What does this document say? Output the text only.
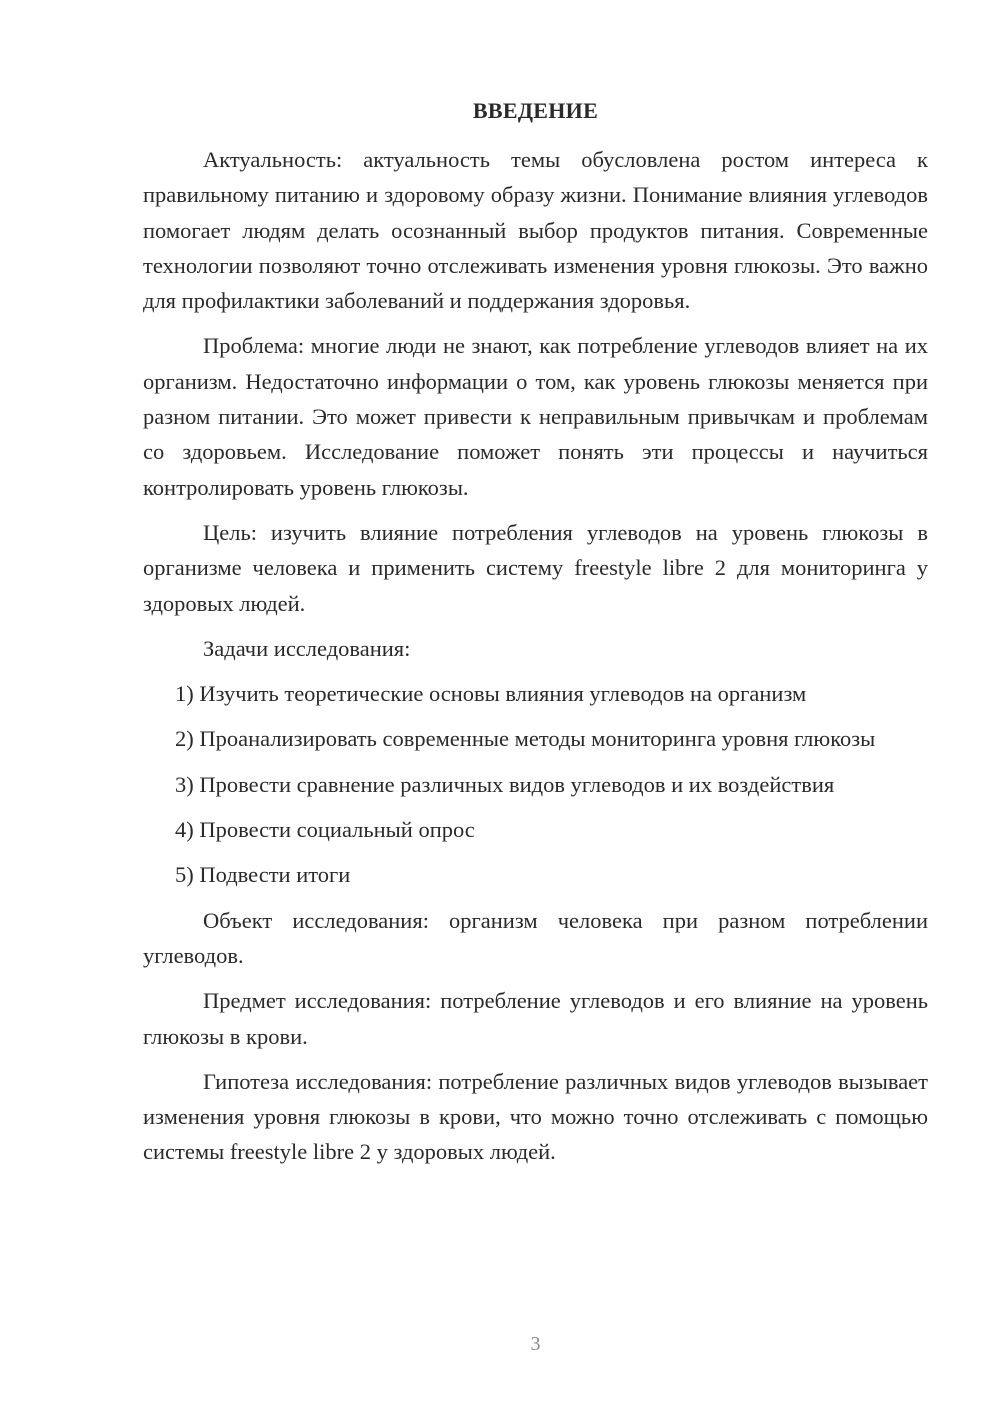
ВВЕДЕНИЕ

Актуальность: актуальность темы обусловлена ростом интереса к правильному питанию и здоровому образу жизни. Понимание влияния углеводов помогает людям делать осознанный выбор продуктов питания. Современные технологии позволяют точно отслеживать изменения уровня глюкозы. Это важно для профилактики заболеваний и поддержания здоровья.

Проблема: многие люди не знают, как потребление углеводов влияет на их организм. Недостаточно информации о том, как уровень глюкозы меняется при разном питании. Это может привести к неправильным привычкам и проблемам со здоровьем. Исследование поможет понять эти процессы и научиться контролировать уровень глюкозы.

Цель: изучить влияние потребления углеводов на уровень глюкозы в организме человека и применить систему freestyle libre 2 для мониторинга у здоровых людей.

Задачи исследования:

1) Изучить теоретические основы влияния углеводов на организм

2) Проанализировать современные методы мониторинга уровня глюкозы

3) Провести сравнение различных видов углеводов и их воздействия

4) Провести социальный опрос

5) Подвести итоги

Объект исследования: организм человека при разном потреблении углеводов.

Предмет исследования: потребление углеводов и его влияние на уровень глюкозы в крови.

Гипотеза исследования: потребление различных видов углеводов вызывает изменения уровня глюкозы в крови, что можно точно отслеживать с помощью системы freestyle libre 2 у здоровых людей.

3
